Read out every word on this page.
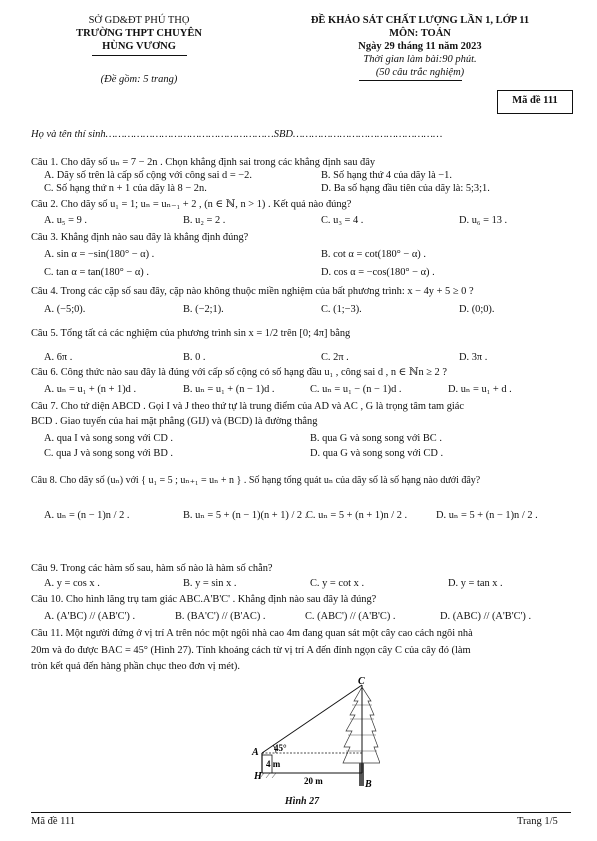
SỞ GD&ĐT PHÚ THỌ
TRƯỜNG THPT CHUYÊN
HÙNG VƯƠNG
(Đề gồm: 5 trang)
ĐỀ KHẢO SÁT CHẤT LƯỢNG LẦN 1, LỚP 11
MÔN: TOÁN
Ngày 29 tháng 11 năm 2023
Thời gian làm bài:90 phút.
(50 câu trắc nghiệm)
Mã đề 111
Họ và tên thí sinh………………………………………………SBD…………………………………………
Câu 1. Cho dãy số uₙ = 7 − 2n . Chọn khẳng định sai trong các khẳng định sau đây
A. Dãy số trên là cấp số cộng với công sai d = −2.	B. Số hạng thứ 4 của dãy là −1.
C. Số hạng thứ n + 1 của dãy là 8 − 2n.	D. Ba số hạng đầu tiên của dãy là: 5;3;1.
Câu 2. Cho dãy số u₁ = 1; uₙ = uₙ₋₁ + 2 , (n ∈ ℕ, n > 1) . Kết quả nào đúng?
A. u₅ = 9 .	B. u₂ = 2 .	C. u₃ = 4 .	D. u₆ = 13 .
Câu 3. Khẳng định nào sau đây là khẳng định đúng?
A. sin α = −sin(180° − α) .	B. cot α = cot(180° − α) .
C. tan α = tan(180° − α) .	D. cos α = −cos(180° − α) .
Câu 4. Trong các cặp số sau đây, cặp nào không thuộc miền nghiệm của bất phương trình: x − 4y + 5 ≥ 0 ?
A. (−5;0).	B. (−2;1).	C. (1;−3).	D. (0;0).
Câu 5. Tổng tất cả các nghiệm của phương trình sin x = 1/2 trên [0; 4π] bằng
A. 6π .	B. 0 .	C. 2π .	D. 3π .
Câu 6. Công thức nào sau đây là đúng với cấp số cộng có số hạng đầu u₁ , công sai d , n ∈ ℕn ≥ 2 ?
A. uₙ = u₁ + (n + 1)d .	B. uₙ = u₁ + (n − 1)d .	C. uₙ = u₁ − (n − 1)d .	D. uₙ = u₁ + d .
Câu 7. Cho tứ diện ABCD . Gọi I và J theo thứ tự là trung điểm của AD và AC , G là trọng tâm tam giác
BCD . Giao tuyến của hai mặt phẳng (GIJ) và (BCD) là đường thẳng
A. qua I và song song với CD .	B. qua G và song song với BC .
C. qua J và song song với BD .	D. qua G và song song với CD .
Câu 8. Cho dãy số (uₙ) với { u₁ = 5 ; uₙ₊₁ = uₙ + n } . Số hạng tổng quát uₙ của dãy số là số hạng nào dưới đây?
A. uₙ = (n − 1)n / 2 .	B. uₙ = 5 + (n − 1)(n + 1) / 2 .
C. uₙ = 5 + (n + 1)n / 2 .	D. uₙ = 5 + (n − 1)n / 2 .
Câu 9. Trong các hàm số sau, hàm số nào là hàm số chẵn?
A. y = cos x .	B. y = sin x .	C. y = cot x .	D. y = tan x .
Câu 10. Cho hình lăng trụ tam giác ABC.A'B'C' . Khẳng định nào sau đây là đúng?
A. (A'BC) // (AB'C') .	B. (BA'C') // (B'AC) .	C. (ABC') // (A'B'C) .	D. (ABC) // (A'B'C') .
Câu 11. Một người đứng ở vị trí A trên nóc một ngôi nhà cao 4m đang quan sát một cây cao cách ngôi nhà
20m và đo được BAC = 45° (Hình 27). Tính khoảng cách từ vị trí A đến đỉnh ngọn cây C của cây đó (làm
tròn kết quả đến hàng phần chục theo đơn vị mét).
C
A
H
B
45°
4 m
20 m
Hình 27
Mã đề 111	Trang 1/5
